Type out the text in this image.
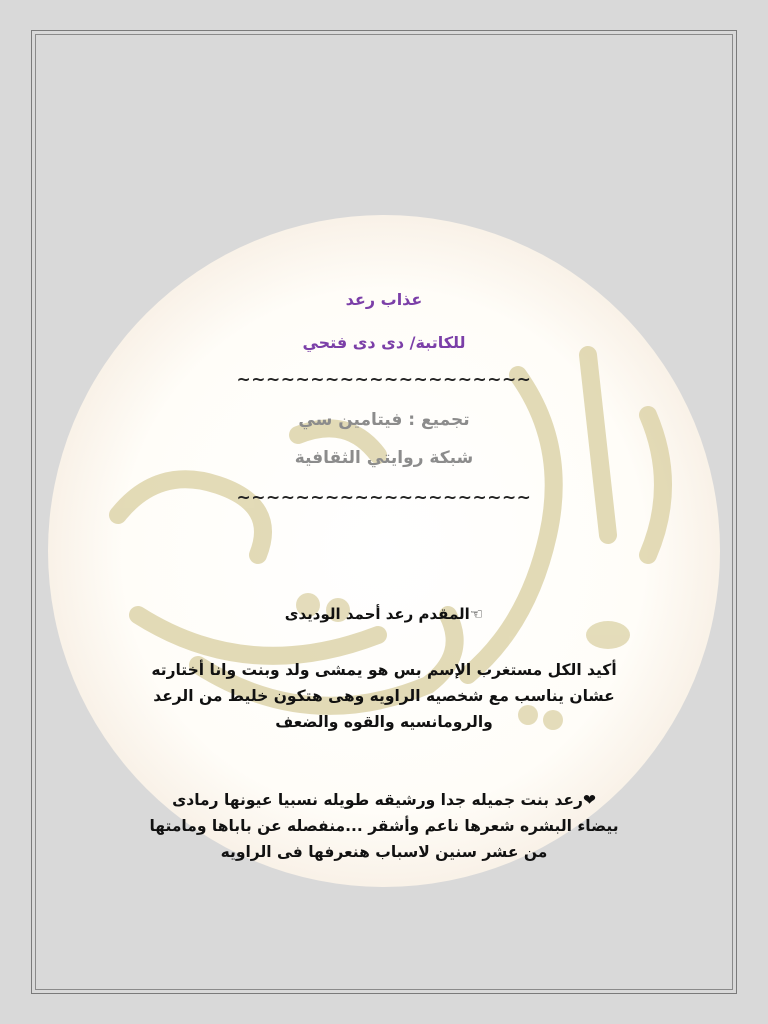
عذاب رعد
للكاتبة/ دى دى فتحي
~~~~~~~~~~~~~~~~~~~~
تجميع : فيتامين سي
شبكة روايتي الثقافية
~~~~~~~~~~~~~~~~~~~~
☜المقدم رعد أحمد الوديدى
أكيد الكل مستغرب الإسم بس هو يمشى ولد وبنت وانا أختارته
عشان يناسب مع شخصيه الراويه وهى هتكون خليط من الرعد
والرومانسيه والقوه والضعف
❤رعد بنت جميله جدا ورشيقه طويله نسبيا عيونها رمادى
بيضاء البشره شعرها ناعم وأشقر ...منفصله عن باباها ومامتها
من عشر سنين لاسباب هنعرفها فى الراويه
